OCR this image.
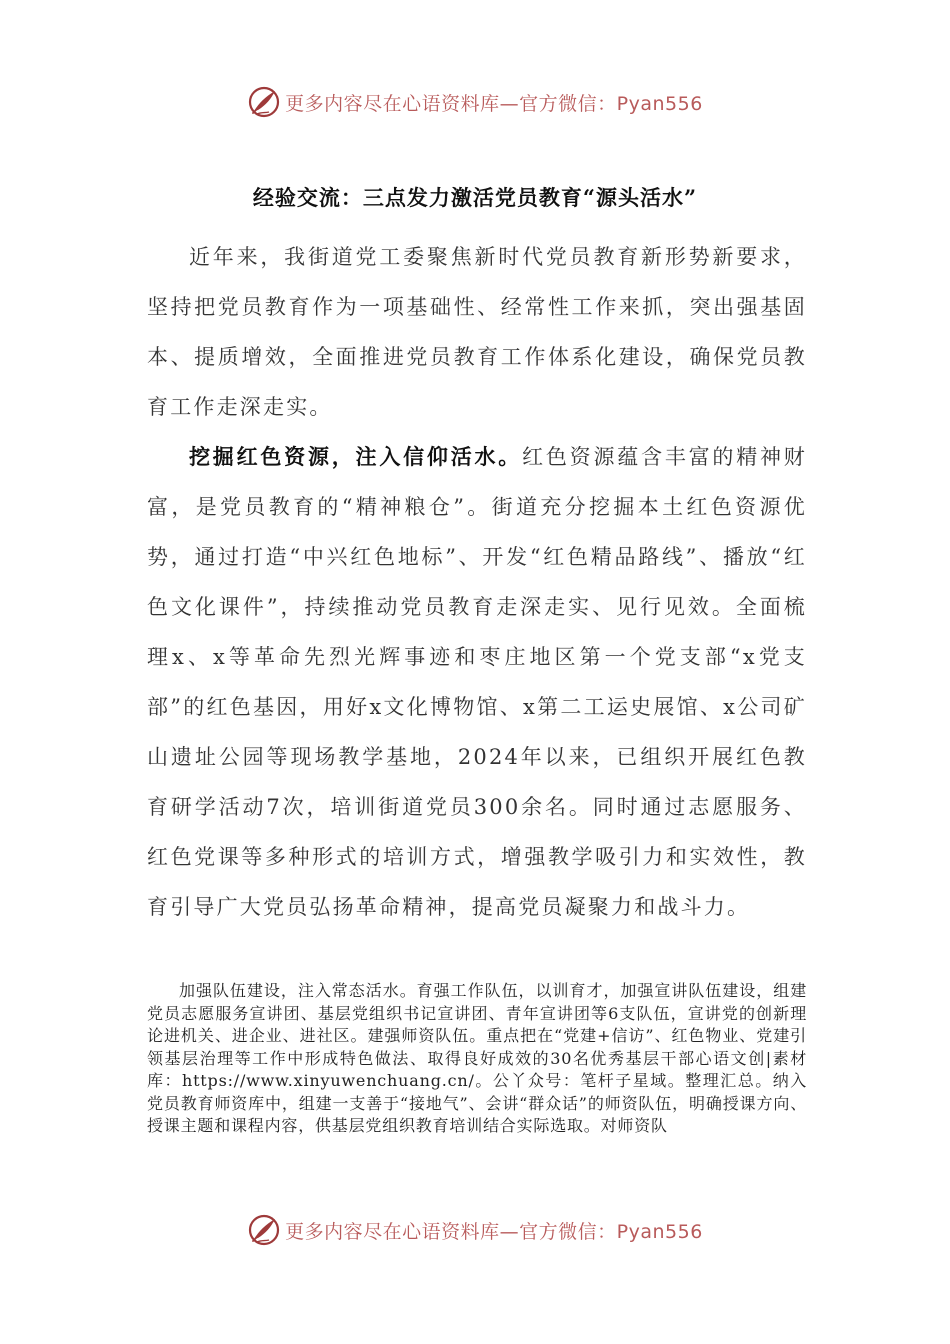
更多内容尽在心语资料库—官方微信：Pyan556
经验交流：三点发力激活党员教育“源头活水”

近年来，我街道党工委聚焦新时代党员教育新形势新要求，坚持把党员教育作为一项基础性、经常性工作来抓，突出强基固本、提质增效，全面推进党员教育工作体系化建设，确保党员教育工作走深走实。

挖掘红色资源，注入信仰活水。红色资源蕴含丰富的精神财富，是党员教育的“精神粮仓”。街道充分挖掘本土红色资源优势，通过打造“中兴红色地标”、开发“红色精品路线”、播放“红色文化课件”，持续推动党员教育走深走实、见行见效。全面梳理x、x等革命先烈光辉事迹和枣庄地区第一个党支部“x党支部”的红色基因，用好x文化博物馆、x第二工运史展馆、x公司矿山遗址公园等现场教学基地，2024年以来，已组织开展红色教育研学活动7次，培训街道党员300余名。同时通过志愿服务、红色党课等多种形式的培训方式，增强教学吸引力和实效性，教育引导广大党员弘扬革命精神，提高党员凝聚力和战斗力。

加强队伍建设，注入常态活水。育强工作队伍，以训育才，加强宣讲队伍建设，组建党员志愿服务宣讲团、基层党组织书记宣讲团、青年宣讲团等6支队伍，宣讲党的创新理论进机关、进企业、进社区。建强师资队伍。重点把在“党建+信访”、红色物业、党建引领基层治理等工作中形成特色做法、取得良好成效的30名优秀基层干部心语文创|素材库：https://www.xinyuwenchuang.cn/。公丫众号：笔杆子星域。整理汇总。纳入党员教育师资库中，组建一支善于“接地气”、会讲“群众话”的师资队伍，明确授课方向、授课主题和课程内容，供基层党组织教育培训结合实际选取。对师资队

更多内容尽在心语资料库—官方微信：Pyan556
